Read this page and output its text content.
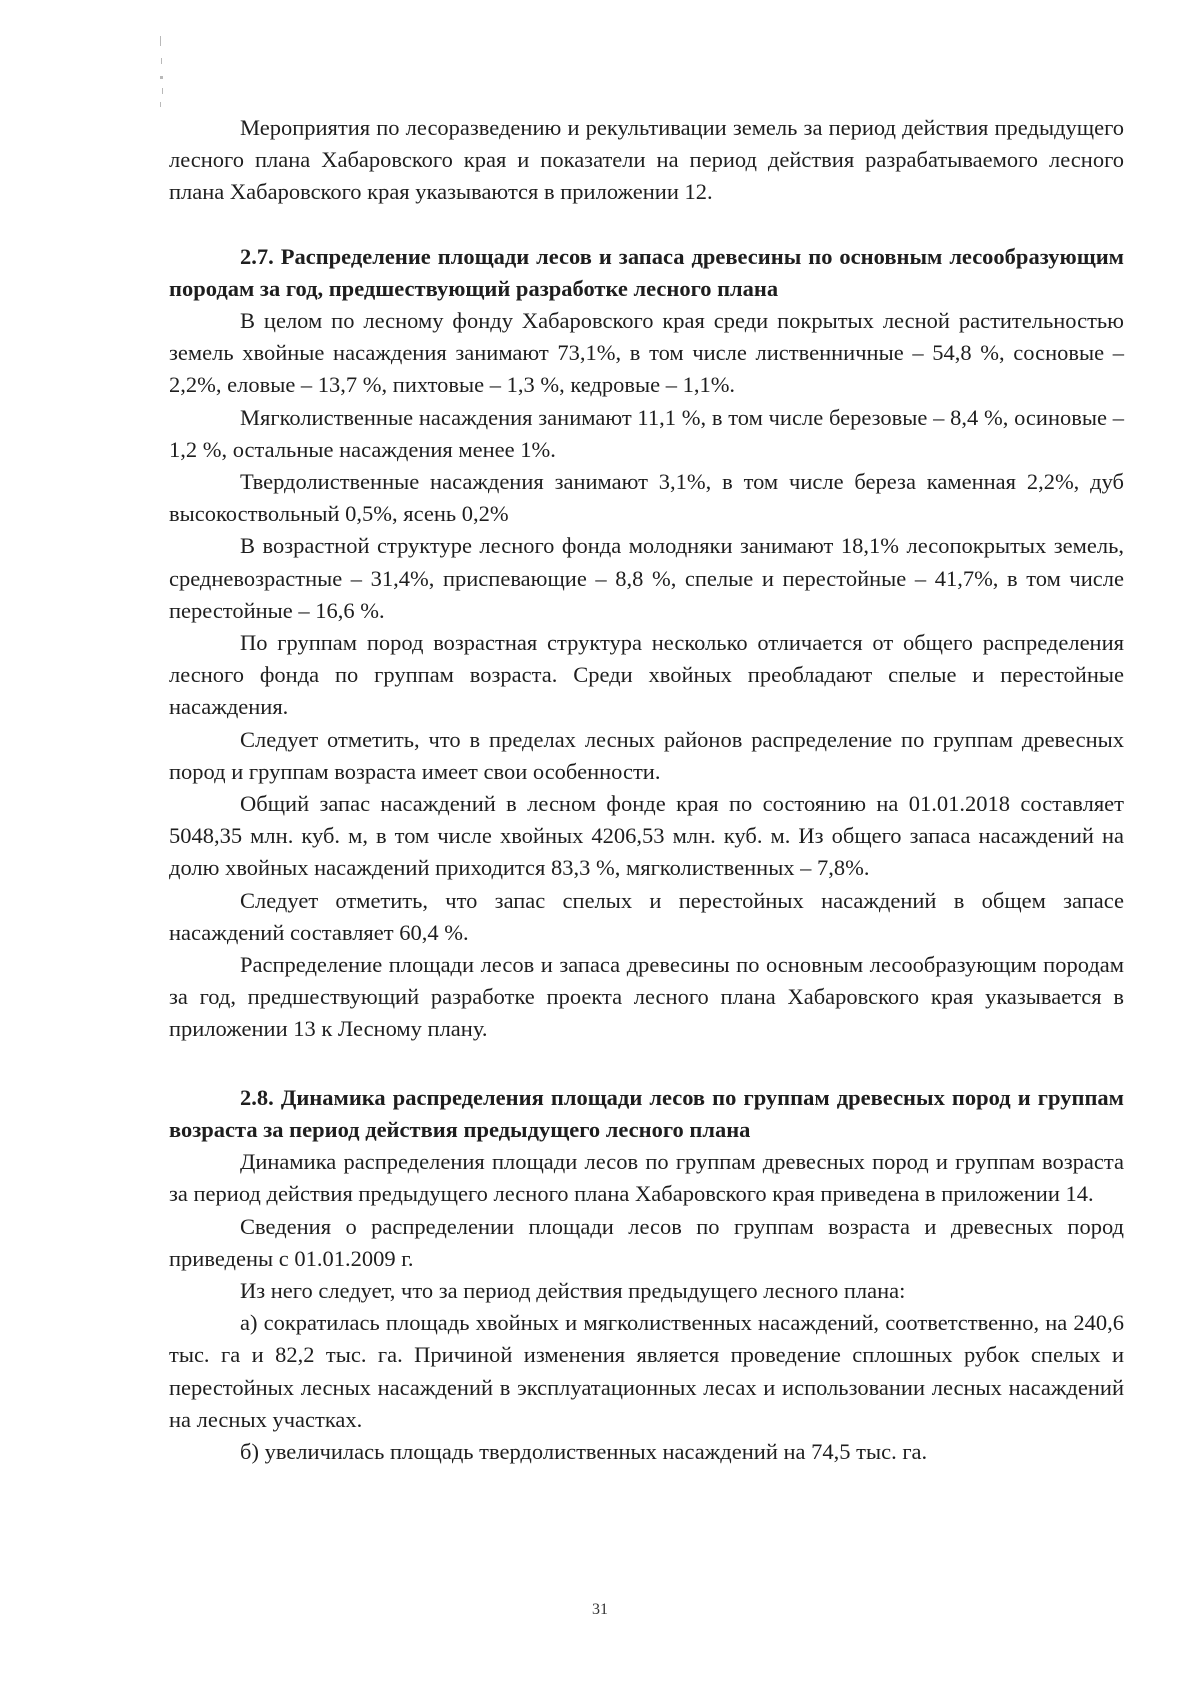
Мероприятия по лесоразведению и рекультивации земель за период действия предыдущего лесного плана Хабаровского края и показатели на период действия разрабатываемого лесного плана Хабаровского края указываются в приложении 12.

2.7. Распределение площади лесов и запаса древесины по основным лесообразующим породам за год, предшествующий разработке лесного плана

В целом по лесному фонду Хабаровского края среди покрытых лесной растительностью земель хвойные насаждения занимают 73,1%, в том числе лиственничные – 54,8 %, сосновые – 2,2%, еловые – 13,7 %, пихтовые – 1,3 %, кедровые – 1,1%.

Мягколиственные насаждения занимают 11,1 %, в том числе березовые – 8,4 %, осиновые – 1,2 %, остальные насаждения менее 1%.

Твердолиственные насаждения занимают 3,1%, в том числе береза каменная 2,2%, дуб высокоствольный 0,5%, ясень 0,2%

В возрастной структуре лесного фонда молодняки занимают 18,1% лесопокрытых земель, средневозрастные – 31,4%, приспевающие – 8,8 %, спелые и перестойные – 41,7%, в том числе перестойные – 16,6 %.

По группам пород возрастная структура несколько отличается от общего распределения лесного фонда по группам возраста. Среди хвойных преобладают спелые и перестойные насаждения.

Следует отметить, что в пределах лесных районов распределение по группам древесных пород и группам возраста имеет свои особенности.

Общий запас насаждений в лесном фонде края по состоянию на 01.01.2018 составляет 5048,35 млн. куб. м, в том числе хвойных 4206,53 млн. куб. м. Из общего запаса насаждений на долю хвойных насаждений приходится 83,3 %, мягколиственных – 7,8%.

Следует отметить, что запас спелых и перестойных насаждений в общем запасе насаждений составляет 60,4 %.

Распределение площади лесов и запаса древесины по основным лесообразующим породам за год, предшествующий разработке проекта лесного плана Хабаровского края указывается в приложении 13 к Лесному плану.

2.8. Динамика распределения площади лесов по группам древесных пород и группам возраста за период действия предыдущего лесного плана

Динамика распределения площади лесов по группам древесных пород и группам возраста за период действия предыдущего лесного плана Хабаровского края приведена в приложении 14.

Сведения о распределении площади лесов по группам возраста и древесных пород приведены с 01.01.2009 г.

Из него следует, что за период действия предыдущего лесного плана:

а) сократилась площадь хвойных и мягколиственных насаждений, соответственно, на 240,6 тыс. га и 82,2 тыс. га. Причиной изменения является проведение сплошных рубок спелых и перестойных лесных насаждений в эксплуатационных лесах и использовании лесных насаждений на лесных участках.

б) увеличилась площадь твердолиственных насаждений на 74,5 тыс. га.

31
